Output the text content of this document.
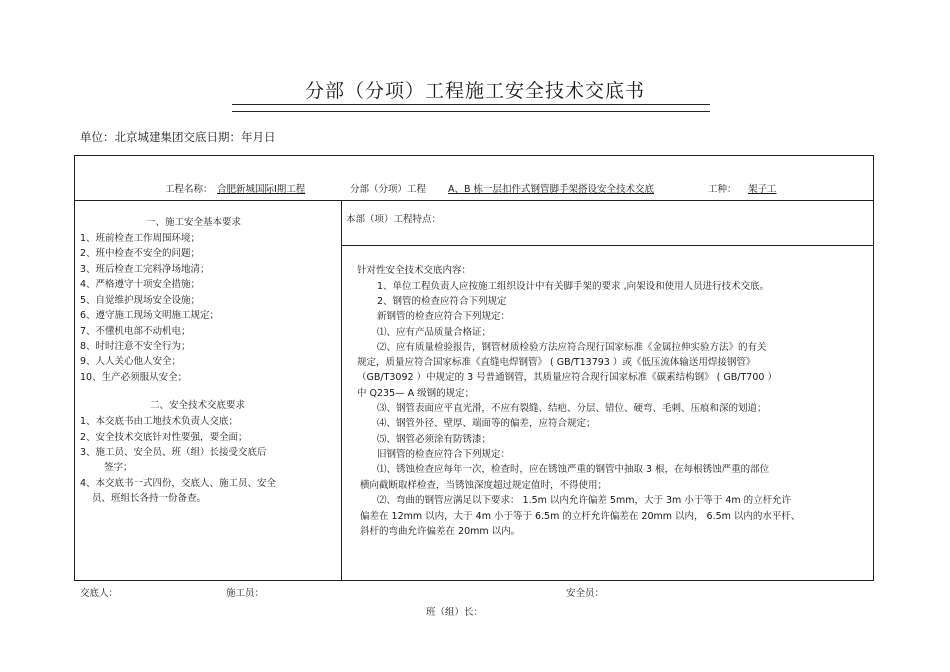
分部（分项）工程施工安全技术交底书
单位：北京城建集团交底日期：年月日
工程名称： 合肥新城国际Ⅰ期工程	分部（分项）工程 A、B 栋一层扣件式钢管脚手架搭设安全技术交底	工种： 架子工
一、施工安全基本要求
1、班前检查工作周围环境；
2、班中检查不安全的问题；
3、班后检查工完料净场地清；
4、严格遵守十项安全措施；
5、自觉维护现场安全设施；
6、遵守施工现场文明施工规定；
7、不懂机电部不动机电；
8、时时注意不安全行为；
9、人人关心他人安全；
10、生产必须服从安全；
二、安全技术交底要求
1、本交底书由工地技术负责人交底；
2、安全技术交底针对性要强，要全面；
3、施工员、安全员、班（组）长接受交底后
签字；
4、本交底书一式四份，交底人、施工员、安全
员、班组长各持一份备查。
本部（项）工程特点：
针对性安全技术交底内容：
1、单位工程负责人应按施工组织设计中有关脚手架的要求 ,向架设和使用人员进行技术交底。
2、钢管的检查应符合下列规定
新钢管的检查应符合下列规定：
⑴、应有产品质量合格证；
⑵、应有质量检验报告，钢管材质检验方法应符合现行国家标准《金属拉伸实验方法》的有关
规定，质量应符合国家标准《直缝电焊钢管》 ( GB/T13793 ）或《低压流体输送用焊接钢管》
（GB/T3092 ）中规定的 3 号普通钢管，其质量应符合现行国家标准《碳素结构钢》 ( GB/T700 ）
中 Q235— A 级钢的规定；
⑶、钢管表面应平直光滑，不应有裂缝、结疤、分层、错位、硬弯、毛刺、压痕和深的划道；
⑷、钢管外径、壁厚、端面等的偏差，应符合规定；
⑸、钢管必须涂有防锈漆；
旧钢管的检查应符合下列规定：
⑴、锈蚀检查应每年一次，检查时，应在锈蚀严重的钢管中抽取 3 根，在每根锈蚀严重的部位
横向截断取样检查，当锈蚀深度超过规定值时，不得使用；
⑵、弯曲的钢管应满足以下要求： 1.5m 以内允许偏差 5mm，大于 3m 小于等于 4m 的立杆允许
偏差在 12mm 以内，大于 4m 小于等于 6.5m 的立杆允许偏差在 20mm 以内， 6.5m 以内的水平杆、
斜杆的弯曲允许偏差在 20mm 以内。
交底人：	施工员：	安全员：
班（组）长：
